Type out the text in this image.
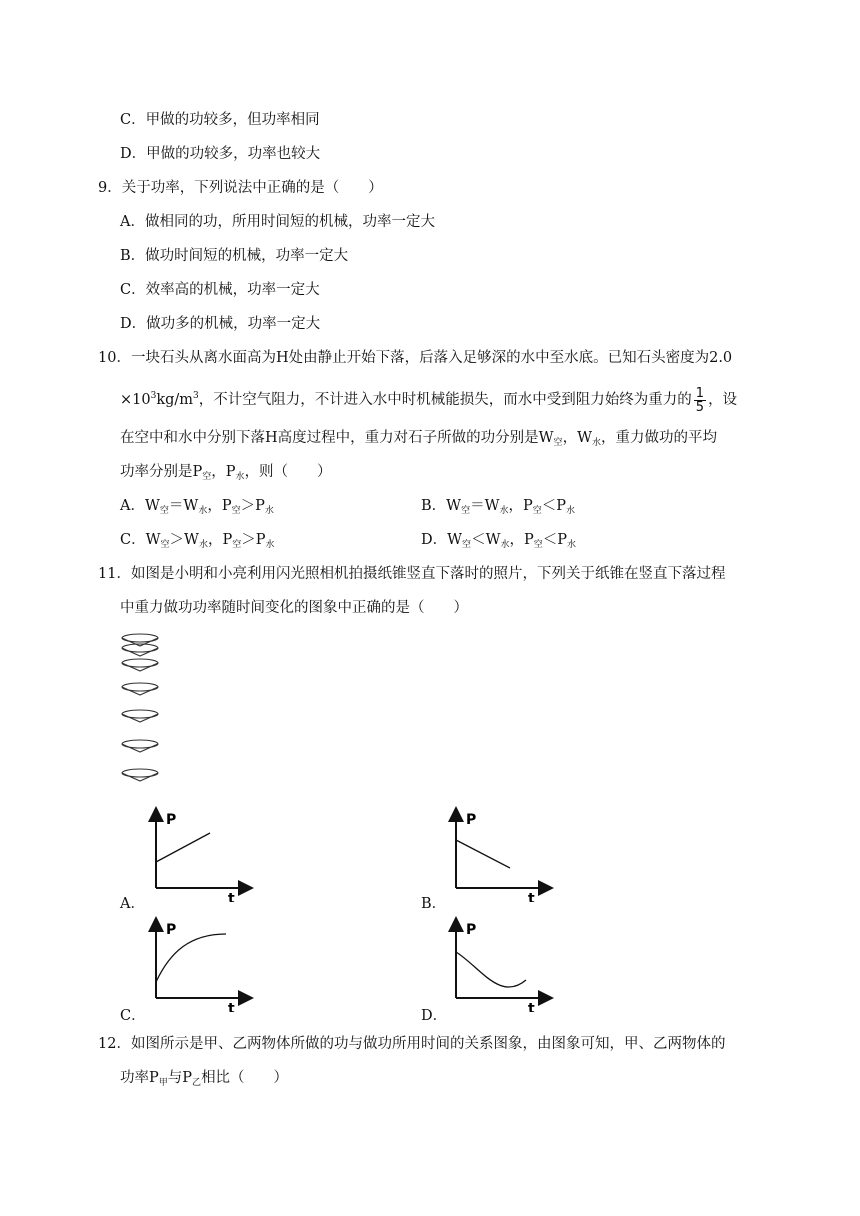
C．甲做的功较多，但功率相同
D．甲做的功较多，功率也较大
9．关于功率，下列说法中正确的是（　　）
A．做相同的功，所用时间短的机械，功率一定大
B．做功时间短的机械，功率一定大
C．效率高的机械，功率一定大
D．做功多的机械，功率一定大
10．一块石头从离水面高为H处由静止开始下落，后落入足够深的水中至水底。已知石头密度为2.0
$\times 10^3kg/m^3$，不计空气阻力，不计进入水中时机械能损失，而水中受到阻力始终为重力的 $\frac{1}{5}$ ，设
在空中和水中分别下落H高度过程中，重力对石子所做的功分别是$W_空$，$W_水$，重力做功的平均
功率分别是$P_空$，$P_水$，则（　　）
A．$W_空=W_水$，$P_空>P_水$	B．$W_空=W_水$，$P_空<P_水$
C．$W_空>W_水$，$P_空>P_水$	D．$W_空<W_水$，$P_空<P_水$
11．如图是小明和小亮利用闪光照相机拍摄纸锥竖直下落时的照片，下列关于纸锥在竖直下落过程
中重力做功功率随时间变化的图象中正确的是（　　）
P
t
A．
P
t
B．
P
t
C．
P
t
D．
12．如图所示是甲、乙两物体所做的功与做功所用时间的关系图象，由图象可知，甲、乙两物体的
功率$P_甲$与$P_乙$相比（　　）
